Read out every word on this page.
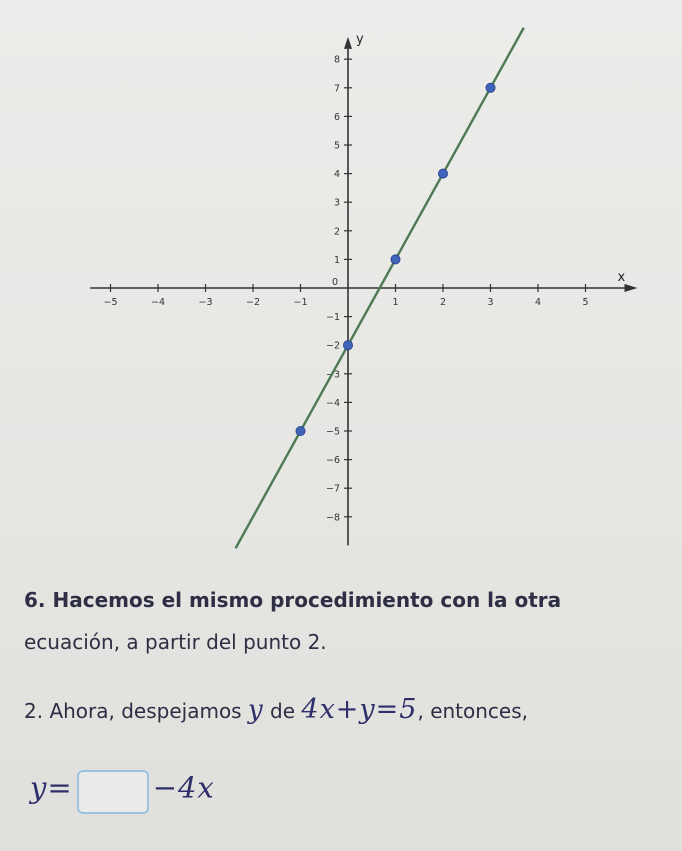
−5	−4	−3	−2	−1	1	2	3	4	5
8
7
6
5
4
3
2
1
−1
−2
−3
−4
−5
−6
−7
−8
x
y
0
6. Hacemos el mismo procedimiento con la otra
ecuación, a partir del punto 2.
2. Ahora, despejamos y de 4x+y=5, entonces,
y=	−4x
